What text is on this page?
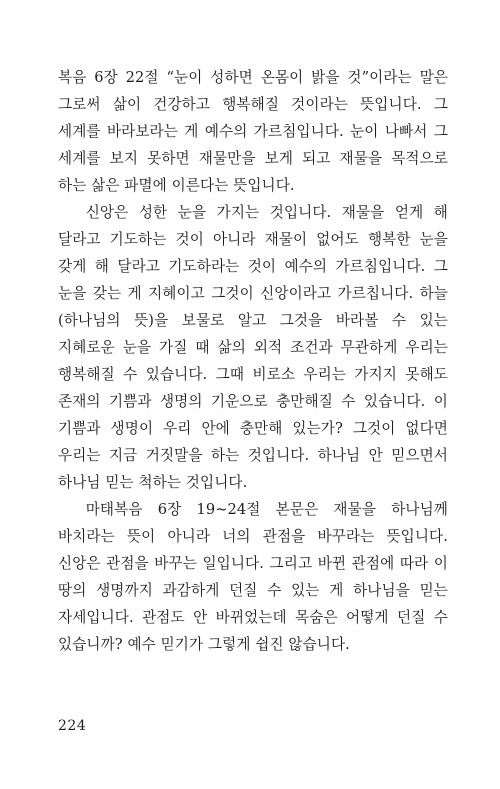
복음 6장 22절 “눈이 성하면 온몸이 밝을 것”이라는 말은 그로써 삶이 건강하고 행복해질 것이라는 뜻입니다. 그 세계를 바라보라는 게 예수의 가르침입니다. 눈이 나빠서 그 세계를 보지 못하면 재물만을 보게 되고 재물을 목적으로 하는 삶은 파멸에 이른다는 뜻입니다.

신앙은 성한 눈을 가지는 것입니다. 재물을 얻게 해 달라고 기도하는 것이 아니라 재물이 없어도 행복한 눈을 갖게 해 달라고 기도하라는 것이 예수의 가르침입니다. 그 눈을 갖는 게 지혜이고 그것이 신앙이라고 가르칩니다. 하늘(하나님의 뜻)을 보물로 알고 그것을 바라볼 수 있는 지혜로운 눈을 가질 때 삶의 외적 조건과 무관하게 우리는 행복해질 수 있습니다. 그때 비로소 우리는 가지지 못해도 존재의 기쁨과 생명의 기운으로 충만해질 수 있습니다. 이 기쁨과 생명이 우리 안에 충만해 있는가? 그것이 없다면 우리는 지금 거짓말을 하는 것입니다. 하나님 안 믿으면서 하나님 믿는 척하는 것입니다.

마태복음 6장 19~24절 본문은 재물을 하나님께 바치라는 뜻이 아니라 너의 관점을 바꾸라는 뜻입니다. 신앙은 관점을 바꾸는 일입니다. 그리고 바뀐 관점에 따라 이 땅의 생명까지 과감하게 던질 수 있는 게 하나님을 믿는 자세입니다. 관점도 안 바뀌었는데 목숨은 어떻게 던질 수 있습니까? 예수 믿기가 그렇게 쉽진 않습니다.

224
